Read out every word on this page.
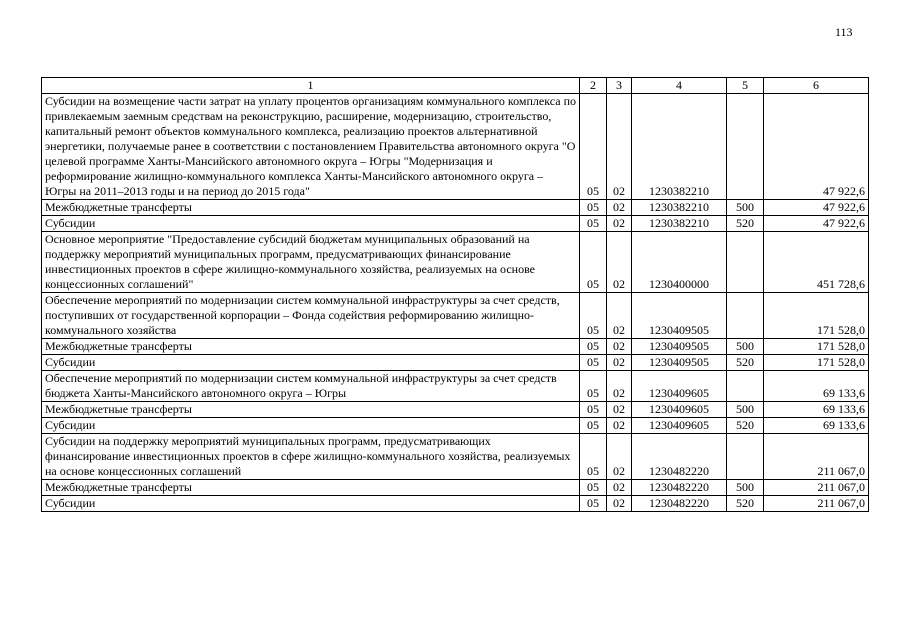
113
1	2	3	4	5	6
Субсидии на возмещение части затрат на уплату процентов организациям коммунального комплекса по привлекаемым заемным средствам на реконструкцию, расширение, модернизацию, строительство, капитальный ремонт объектов коммунального комплекса, реализацию проектов альтернативной энергетики, получаемые ранее в соответствии с постановлением Правительства автономного округа "О целевой программе Ханты-Мансийского автономного округа – Югры "Модернизация и реформирование жилищно-коммунального комплекса Ханты-Мансийского автономного округа – Югры на 2011–2013 годы и на период до 2015 года"	05	02	1230382210		47 922,6
Межбюджетные трансферты	05	02	1230382210	500	47 922,6
Субсидии	05	02	1230382210	520	47 922,6
Основное мероприятие "Предоставление субсидий бюджетам муниципальных образований на поддержку мероприятий муниципальных программ, предусматривающих финансирование инвестиционных проектов в сфере жилищно-коммунального хозяйства, реализуемых на основе концессионных соглашений"	05	02	1230400000		451 728,6
Обеспечение мероприятий по модернизации систем коммунальной инфраструктуры за счет средств, поступивших от государственной корпорации – Фонда содействия реформированию жилищно-коммунального хозяйства	05	02	1230409505		171 528,0
Межбюджетные трансферты	05	02	1230409505	500	171 528,0
Субсидии	05	02	1230409505	520	171 528,0
Обеспечение мероприятий по модернизации систем коммунальной инфраструктуры за счет средств бюджета Ханты-Мансийского автономного округа – Югры	05	02	1230409605		69 133,6
Межбюджетные трансферты	05	02	1230409605	500	69 133,6
Субсидии	05	02	1230409605	520	69 133,6
Субсидии на поддержку мероприятий муниципальных программ, предусматривающих финансирование инвестиционных проектов в сфере жилищно-коммунального хозяйства, реализуемых на основе концессионных соглашений	05	02	1230482220		211 067,0
Межбюджетные трансферты	05	02	1230482220	500	211 067,0
Субсидии	05	02	1230482220	520	211 067,0
